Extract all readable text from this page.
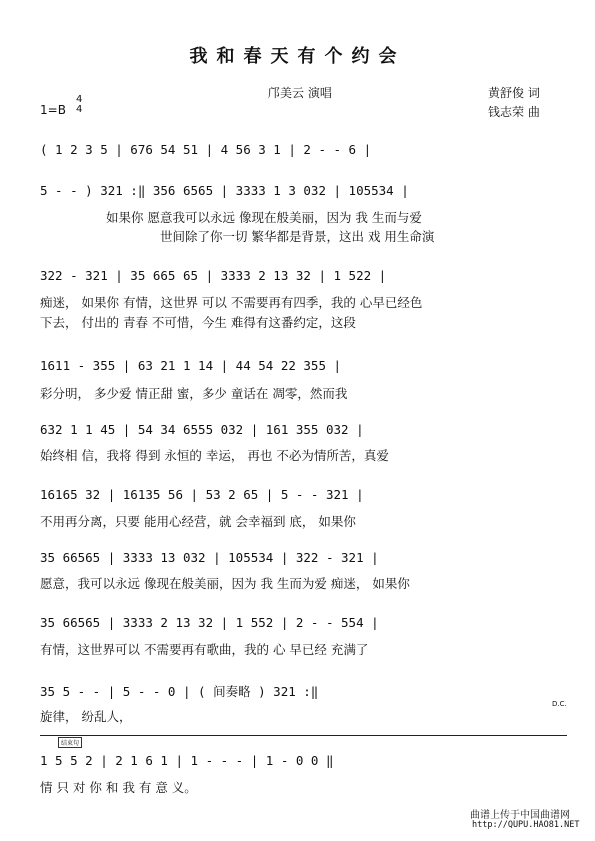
我和春天有个约会
邝美云 演唱	黄舒俊 词
钱志荣 曲
1=B
4
4
( 1 2 3 5 | 676 54 51 | 4 56 3 1 | 2 - - 6 |
5 - - ) 321 :‖ 356 6565 | 3333 1 3 032 | 105534 |
如果你 愿意我可以永远 像现在般美丽，因为 我 生而与爱
世间除了你一切 繁华都是背景，这出 戏 用生命演
322 - 321 | 35 665 65 | 3333 2 13 32 | 1 522 |
痴迷， 如果你 有情，这世界 可以 不需要再有四季，我的 心早已经色
下去， 付出的 青春 不可惜，今生 难得有这番约定，这段
1611 - 355 | 63 21 1 14 | 44 54 22 355 |
彩分明， 多少爱 情正甜 蜜，多少 童话在 凋零，然而我
632 1 1 45 | 54 34 6555 032 | 161 355 032 |
始终相 信，我将 得到 永恒的 幸运， 再也 不必为情所苦，真爱
16165 32 | 16135 56 | 53 2 65 | 5 - - 321 |
不用再分离，只要 能用心经营，就 会幸福到 底， 如果你
35 66565 | 3333 13 032 | 105534 | 322 - 321 |
愿意，我可以永远 像现在般美丽，因为 我 生而为爱 痴迷， 如果你
35 66565 | 3333 2 13 32 | 1 552 | 2 - - 554 |
有情，这世界可以 不需要再有歌曲，我的 心 早已经 充满了
35 5 - - | 5 - - 0 | ( 间奏略 ) 321 :‖
旋律， 纷乱人，
D.C.
结束句
1 5 5 2 | 2 1 6 1 | 1 - - - | 1 - 0 0 ‖
情 只 对 你 和 我 有 意 义。
曲谱上传于中国曲谱网
http://QUPU.HAO81.NET
